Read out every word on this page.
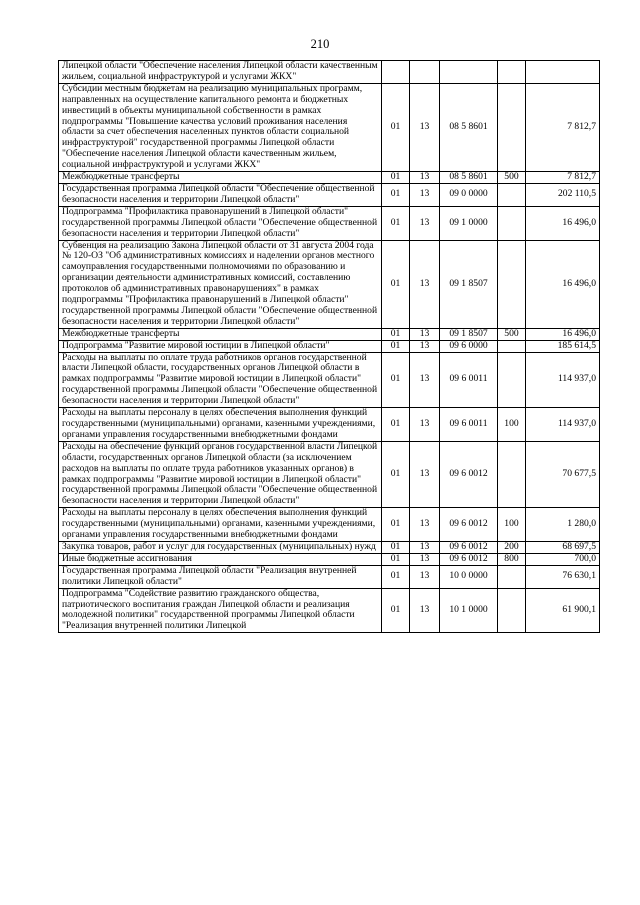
210
Липецкой области "Обеспечение населения Липецкой области качественным жильем, социальной инфраструктурой и услугами ЖКХ"					
Субсидии местным бюджетам на реализацию муниципальных программ, направленных на осуществление капитального ремонта и бюджетных инвестиций в объекты муниципальной собственности в рамках подпрограммы "Повышение качества условий проживания населения области за счет обеспечения населенных пунктов области социальной инфраструктурой" государственной программы Липецкой области "Обеспечение населения Липецкой области качественным жильем, социальной инфраструктурой и услугами ЖКХ"	01	13	08 5 8601		7 812,7
Межбюджетные трансферты	01	13	08 5 8601	500	7 812,7
Государственная программа Липецкой области "Обеспечение общественной безопасности населения и территории Липецкой области"	01	13	09 0 0000		202 110,5
Подпрограмма "Профилактика правонарушений в Липецкой области" государственной программы Липецкой области "Обеспечение общественной безопасности населения и территории Липецкой области"	01	13	09 1 0000		16 496,0
Субвенция на реализацию Закона Липецкой области от 31 августа 2004 года № 120-ОЗ "Об административных комиссиях и наделении органов местного самоуправления государственными полномочиями по образованию и организации деятельности административных комиссий, составлению протоколов об административных правонарушениях" в рамках подпрограммы "Профилактика правонарушений в Липецкой области" государственной программы Липецкой области "Обеспечение общественной безопасности населения и территории Липецкой области"	01	13	09 1 8507		16 496,0
Межбюджетные трансферты	01	13	09 1 8507	500	16 496,0
Подпрограмма "Развитие мировой юстиции в Липецкой области"	01	13	09 6 0000		185 614,5
Расходы на выплаты по оплате труда работников органов государственной власти Липецкой области, государственных органов Липецкой области в рамках подпрограммы "Развитие мировой юстиции в Липецкой области" государственной программы Липецкой области "Обеспечение общественной безопасности населения и территории Липецкой области"	01	13	09 6 0011		114 937,0
Расходы на выплаты персоналу в целях обеспечения выполнения функций государственными (муниципальными) органами, казенными учреждениями, органами управления государственными внебюджетными фондами	01	13	09 6 0011	100	114 937,0
Расходы на обеспечение функций органов государственной власти Липецкой области, государственных органов Липецкой области (за исключением расходов на выплаты по оплате труда работников указанных органов) в рамках подпрограммы "Развитие мировой юстиции в Липецкой области" государственной программы Липецкой области "Обеспечение общественной безопасности населения и территории Липецкой области"	01	13	09 6 0012		70 677,5
Расходы на выплаты персоналу в целях обеспечения выполнения функций государственными (муниципальными) органами, казенными учреждениями, органами управления государственными внебюджетными фондами	01	13	09 6 0012	100	1 280,0
Закупка товаров, работ и услуг для государственных (муниципальных) нужд	01	13	09 6 0012	200	68 697,5
Иные бюджетные ассигнования	01	13	09 6 0012	800	700,0
Государственная программа Липецкой области "Реализация внутренней политики Липецкой области"	01	13	10 0 0000		76 630,1
Подпрограмма "Содействие развитию гражданского общества, патриотического воспитания граждан Липецкой области и реализация молодежной политики" государственной программы Липецкой области "Реализация внутренней политики Липецкой	01	13	10 1 0000		61 900,1
